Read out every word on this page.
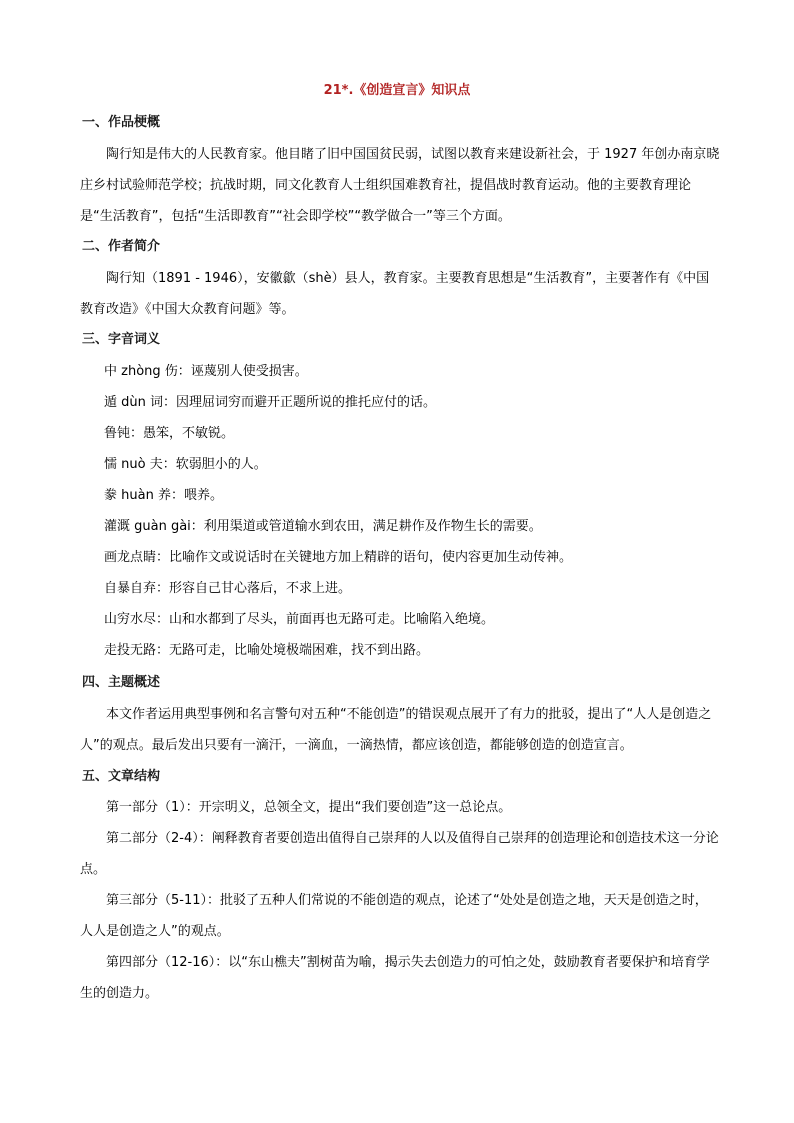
21*.《创造宣言》知识点
一、作品梗概
陶行知是伟大的人民教育家。他目睹了旧中国国贫民弱，试图以教育来建设新社会，于 1927 年创办南京晓庄乡村试验师范学校；抗战时期，同文化教育人士组织国难教育社，提倡战时教育运动。他的主要教育理论是“生活教育”，包括“生活即教育”“社会即学校”“教学做合一”等三个方面。
二、作者简介
陶行知（1891 - 1946），安徽歙（shè）县人，教育家。主要教育思想是“生活教育”，主要著作有《中国教育改造》《中国大众教育问题》等。
三、字音词义
中 zhòng 伤：诬蔑别人使受损害。
遁 dùn 词：因理屈词穷而避开正题所说的推托应付的话。
鲁钝：愚笨，不敏锐。
懦 nuò 夫：软弱胆小的人。
豢 huàn 养：喂养。
灌溉 guàn gài：利用渠道或管道输水到农田，满足耕作及作物生长的需要。
画龙点睛：比喻作文或说话时在关键地方加上精辟的语句，使内容更加生动传神。
自暴自弃：形容自己甘心落后，不求上进。
山穷水尽：山和水都到了尽头，前面再也无路可走。比喻陷入绝境。
走投无路：无路可走，比喻处境极端困难，找不到出路。
四、主题概述
本文作者运用典型事例和名言警句对五种“不能创造”的错误观点展开了有力的批驳，提出了“人人是创造之人”的观点。最后发出只要有一滴汗，一滴血，一滴热情，都应该创造，都能够创造的创造宣言。
五、文章结构
第一部分（1）：开宗明义，总领全文，提出“我们要创造”这一总论点。
第二部分（2-4）：阐释教育者要创造出值得自己崇拜的人以及值得自己崇拜的创造理论和创造技术这一分论点。
第三部分（5-11）：批驳了五种人们常说的不能创造的观点，论述了“处处是创造之地，天天是创造之时，人人是创造之人”的观点。
第四部分（12-16）：以“东山樵夫”割树苗为喻，揭示失去创造力的可怕之处，鼓励教育者要保护和培育学生的创造力。
